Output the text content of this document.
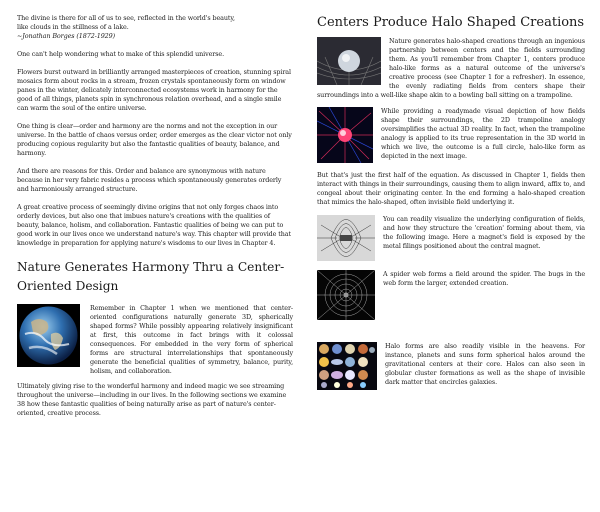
The divine is there for all of us to see, reflected in the world's beauty,
like clouds in the stillness of a lake.
~Jonathan Borges (1872-1929)

One can't help wondering what to make of this splendid universe.

Flowers burst outward in brilliantly arranged masterpieces of creation, stunning spiral mosaics form about rocks in a stream, frozen crystals spontaneously form on window panes in the winter, delicately interconnected ecosystems work in harmony for the good of all things, planets spin in synchronous relation overhead, and a single smile can warm the soul of the entire universe.

One thing is clear—order and harmony are the norms and not the exception in our universe. In the battle of chaos versus order, order emerges as the clear victor not only producing copious regularity but also the fantastic qualities of beauty, balance, and harmony.

And there are reasons for this. Order and balance are synonymous with nature because in her very fabric resides a process which spontaneously generates orderly and harmoniously arranged structure.

A great creative process of seemingly divine origins that not only forges chaos into orderly devices, but also one that imbues nature's creations with the qualities of beauty, balance, holism, and collaboration. Fantastic qualities of being we can put to good work in our lives once we understand nature's way. This chapter will provide that knowledge in preparation for applying nature's wisdoms to our lives in Chapter 4.

Nature Generates Harmony Thru a Center-Oriented Design

Remember in Chapter 1 when we mentioned that center-oriented configurations naturally generate 3D, spherically shaped forms? While possibly appearing relatively insignificant at first, this outcome in fact brings with it colossal consequences. For embedded in the very form of spherical forms are structural interrelationships that spontaneously generate the beneficial qualities of symmetry, balance, purity, holism, and collaboration.

Ultimately giving rise to the wonderful harmony and indeed magic we see streaming throughout the universe—including in our lives. In the following sections we examine 38 how these fantastic qualities of being naturally arise as part of nature's center-oriented, creative process.

Centers Produce Halo Shaped Creations

Nature generates halo-shaped creations through an ingenious partnership between centers and the fields surrounding them. As you'll remember from Chapter 1, centers produce halo-like forms as a natural outcome of the universe's creative process (see Chapter 1 for a refresher). In essence, the evenly radiating fields from centers shape their surroundings into a well-like shape akin to a bowling ball sitting on a trampoline.

While providing a readymade visual depiction of how fields shape their surroundings, the 2D trampoline analogy oversimplifies the actual 3D reality. In fact, when the trampoline analogy is applied to its true representation in the 3D world in which we live, the outcome is a full circle, halo-like form as depicted in the next image.

But that's just the first half of the equation. As discussed in Chapter 1, fields then interact with things in their surroundings, causing them to align inward, affix to, and congeal about their originating center. In the end forming a halo-shaped creation that mimics the halo-shaped, often invisible field underlying it.

You can readily visualize the underlying configuration of fields, and how they structure the 'creation' forming about them, via the following image. Here a magnet's field is exposed by the metal filings positioned about the central magnet.

A spider web forms a field around the spider. The bugs in the web form the larger, extended creation.

Halo forms are also readily visible in the heavens. For instance, planets and suns form spherical halos around the gravitational centers at their core. Halos can also seen in globular cluster formations as well as the shape of invisible dark matter that encircles galaxies.
